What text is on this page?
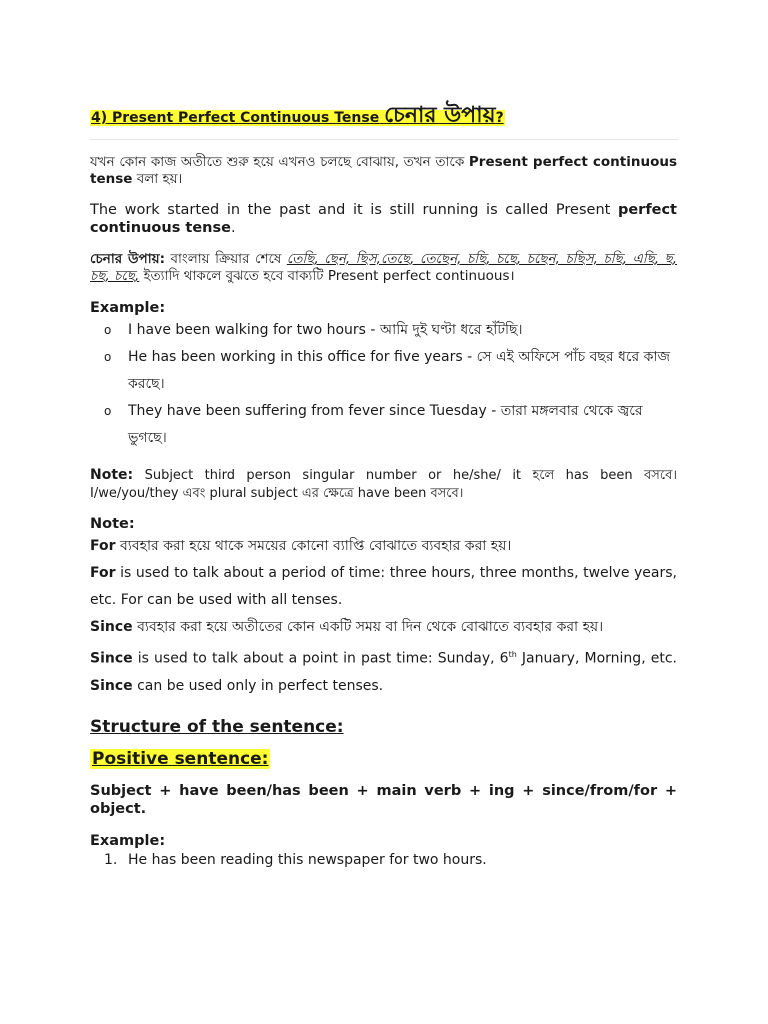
4) Present Perfect Continuous Tense চেনার উপায়?

যখন কোন কাজ অতীতে শুরু হয়ে এখনও চলছে বোঝায়, তখন তাকে Present perfect continuous tense বলা হয়।

The work started in the past and it is still running is called Present perfect continuous tense.

চেনার উপায়: বাংলায় ক্রিয়ার শেষে তেছি, ছেন, ছিস,তেছে, তেছেন, চছি, চছে, চছেন, চছিস, চছি, এছি, ছ, চছ, চছে, ইত্যাদি থাকলে বুঝতে হবে বাক্যটি Present perfect continuous।

Example:
o I have been walking for two hours - আমি দুই ঘণ্টা ধরে হাঁটছি।
o He has been working in this office for five years - সে এই অফিসে পাঁচ বছর ধরে কাজ করছে।
o They have been suffering from fever since Tuesday - তারা মঙ্গলবার থেকে জ্বরে ভুগছে।

Note: Subject third person singular number or he/she/ it হলে has been বসবে। I/we/you/they এবং plural subject এর ক্ষেত্রে have been বসবে।

Note:

For ব্যবহার করা হয়ে থাকে সময়ের কোনো ব্যাপ্তি বোঝাতে ব্যবহার করা হয়।

For is used to talk about a period of time: three hours, three months, twelve years, etc. For can be used with all tenses.

Since ব্যবহার করা হয়ে অতীতের কোন একটি সময় বা দিন থেকে বোঝাতে ব্যবহার করা হয়।

Since is used to talk about a point in past time: Sunday, 6th January, Morning, etc. Since can be used only in perfect tenses.

Structure of the sentence:
Positive sentence:

Subject + have been/has been + main verb + ing + since/from/for + object.

Example:
1. He has been reading this newspaper for two hours.
